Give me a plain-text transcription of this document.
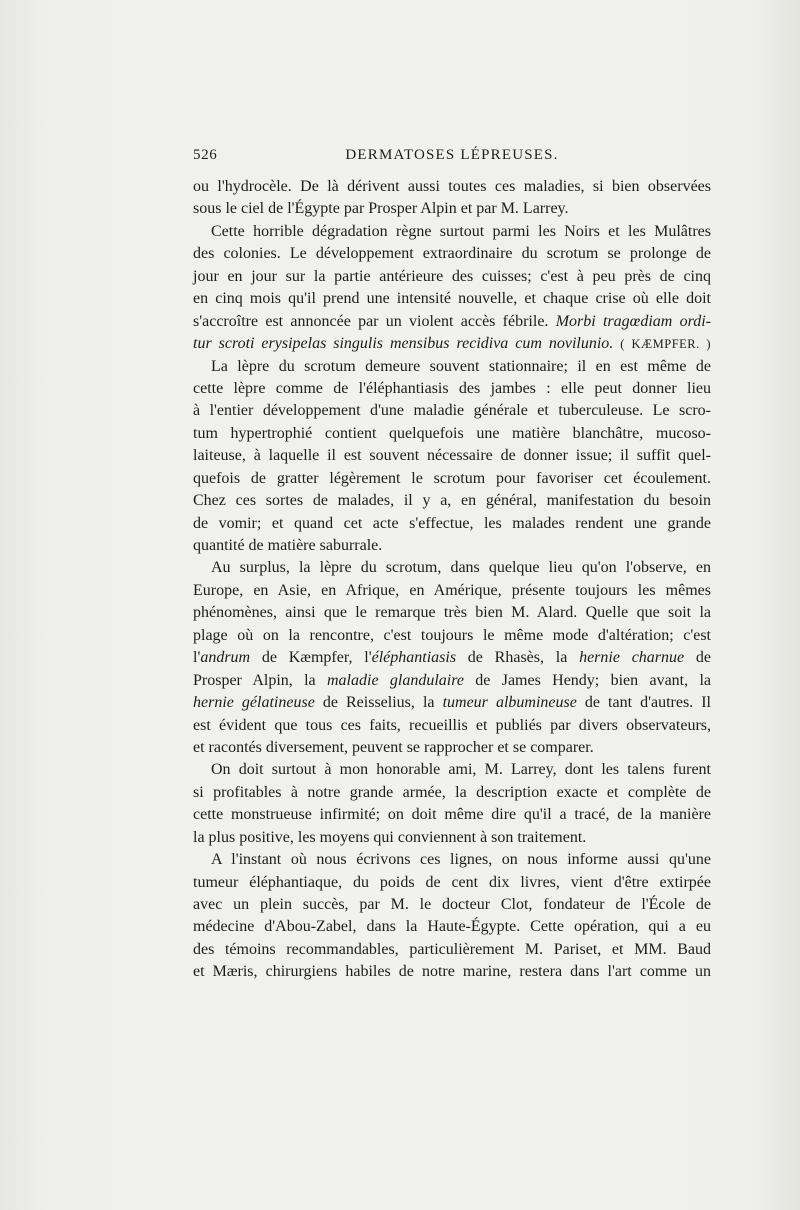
526	DERMATOSES LÉPREUSES.
ou l'hydrocèle. De là dérivent aussi toutes ces maladies, si bien observées
sous le ciel de l'Égypte par Prosper Alpin et par M. Larrey.
Cette horrible dégradation règne surtout parmi les Noirs et les Mulâtres
des colonies. Le développement extraordinaire du scrotum se prolonge de
jour en jour sur la partie antérieure des cuisses; c'est à peu près de cinq
en cinq mois qu'il prend une intensité nouvelle, et chaque crise où elle doit
s'accroître est annoncée par un violent accès fébrile. Morbi tragœdiam ordi-
tur scroti erysipelas singulis mensibus recidiva cum novilunio. ( KÆMPFER. )
La lèpre du scrotum demeure souvent stationnaire; il en est même de
cette lèpre comme de l'éléphantiasis des jambes : elle peut donner lieu
à l'entier développement d'une maladie générale et tuberculeuse. Le scro-
tum hypertrophié contient quelquefois une matière blanchâtre, mucoso-
laiteuse, à laquelle il est souvent nécessaire de donner issue; il suffit quel-
quefois de gratter légèrement le scrotum pour favoriser cet écoulement.
Chez ces sortes de malades, il y a, en général, manifestation du besoin
de vomir; et quand cet acte s'effectue, les malades rendent une grande
quantité de matière saburrale.
Au surplus, la lèpre du scrotum, dans quelque lieu qu'on l'observe, en
Europe, en Asie, en Afrique, en Amérique, présente toujours les mêmes
phénomènes, ainsi que le remarque très bien M. Alard. Quelle que soit la
plage où on la rencontre, c'est toujours le même mode d'altération; c'est
l'andrum de Kæmpfer, l'éléphantiasis de Rhasès, la hernie charnue de
Prosper Alpin, la maladie glandulaire de James Hendy; bien avant, la
hernie gélatineuse de Reisselius, la tumeur albumineuse de tant d'autres. Il
est évident que tous ces faits, recueillis et publiés par divers observateurs,
et racontés diversement, peuvent se rapprocher et se comparer.
On doit surtout à mon honorable ami, M. Larrey, dont les talens furent
si profitables à notre grande armée, la description exacte et complète de
cette monstrueuse infirmité; on doit même dire qu'il a tracé, de la manière
la plus positive, les moyens qui conviennent à son traitement.
A l'instant où nous écrivons ces lignes, on nous informe aussi qu'une
tumeur éléphantiaque, du poids de cent dix livres, vient d'être extirpée
avec un plein succès, par M. le docteur Clot, fondateur de l'École de
médecine d'Abou-Zabel, dans la Haute-Égypte. Cette opération, qui a eu
des témoins recommandables, particulièrement M. Pariset, et MM. Baud
et Mæris, chirurgiens habiles de notre marine, restera dans l'art comme un
